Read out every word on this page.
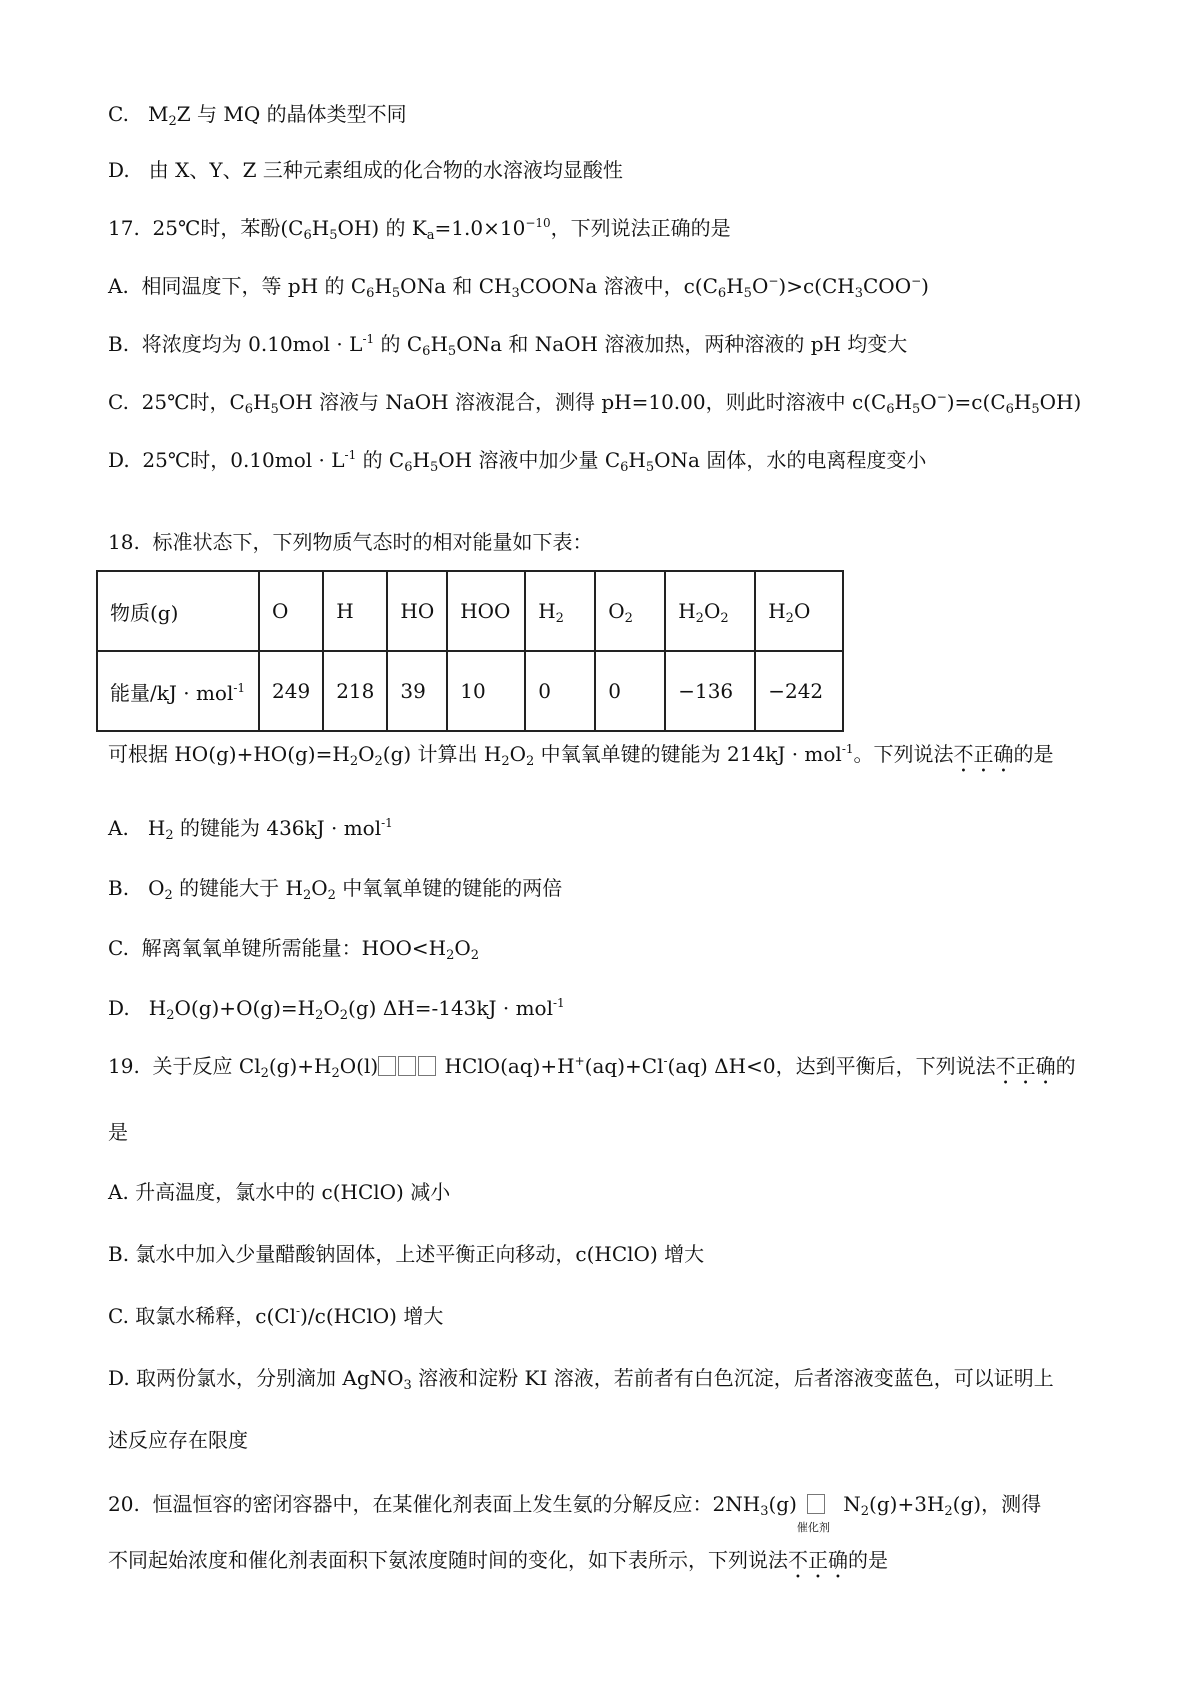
C. $M_2Z$ 与 MQ 的晶体类型不同
D. 由 X、Y、Z 三种元素组成的化合物的水溶液均显酸性
17. 25℃时，苯酚$(C_6H_5OH)$ 的 $K_a=1.0\times 10^{-10}$，下列说法正确的是
A. 相同温度下，等 pH 的 $C_6H_5ONa$ 和 $CH_3COONa$ 溶液中，$c(C_6H_5O^-)>c(CH_3COO^-)$
B. 将浓度均为 $0.10mol \cdot L^{-1}$ 的 $C_6H_5ONa$ 和 NaOH 溶液加热，两种溶液的 pH 均变大
C. 25℃时，$C_6H_5OH$ 溶液与 NaOH 溶液混合，测得 pH=10.00，则此时溶液中 $c(C_6H_5O^-)=c(C_6H_5OH)$
D. 25℃时，$0.10mol \cdot L^{-1}$ 的 $C_6H_5OH$ 溶液中加少量 $C_6H_5ONa$ 固体，水的电离程度变小
18. 标准状态下，下列物质气态时的相对能量如下表：
物质(g)	O	H	HO	HOO	$H_2$	$O_2$	$H_2O_2$	$H_2O$
能量/kJ · mol$^{-1}$	249	218	39	10	0	0	−136	−242
可根据 $HO(g)+HO(g)=H_2O_2(g)$ 计算出 $H_2O_2$ 中氧氧单键的键能为 214kJ · mol$^{-1}$。下列说法不正确的是
A. $H_2$ 的键能为 436kJ · mol$^{-1}$
B. $O_2$ 的键能大于 $H_2O_2$ 中氧氧单键的键能的两倍
C. 解离氧氧单键所需能量：$HOO<H_2O_2$
D. $H_2O(g)+O(g)=H_2O_2(g) \Delta H=-143kJ \cdot mol^{-1}$
19. 关于反应 $Cl_2(g)+H_2O(l)$	HClO(aq)+H+(aq)+Cl-(aq) ΔH<0，达到平衡后，下列说法不正确的
是
A. 升高温度，氯水中的 c(HClO) 减小
B. 氯水中加入少量醋酸钠固体，上述平衡正向移动，c(HClO) 增大
C. 取氯水稀释，c(Cl-)/c(HClO) 增大
D. 取两份氯水，分别滴加 AgNO$_3$ 溶液和淀粉 KI 溶液，若前者有白色沉淀，后者溶液变蓝色，可以证明上
述反应存在限度
20. 恒温恒容的密闭容器中，在某催化剂表面上发生氨的分解反应：$2NH_3(g)$
催化剂
$N_2(g)+3H_2(g)$，测得
不同起始浓度和催化剂表面积下氨浓度随时间的变化，如下表所示，下列说法不正确的是
